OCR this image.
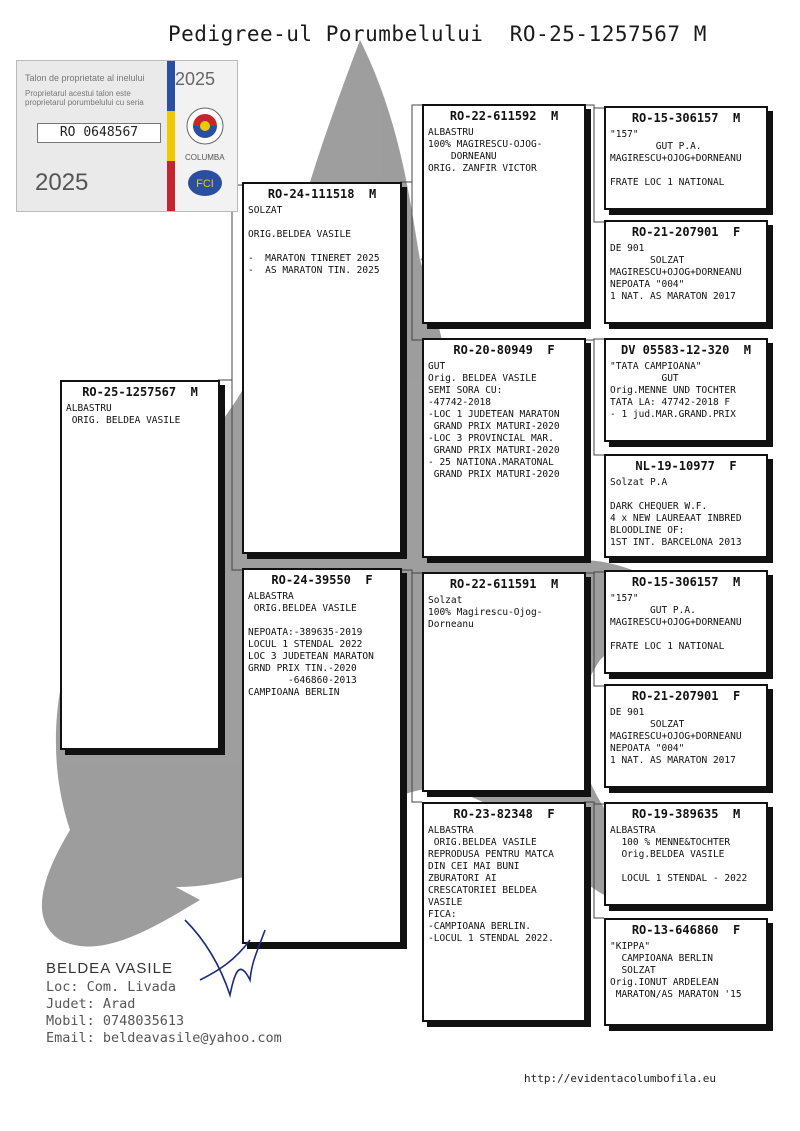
Pedigree-ul Porumbelului  RO-25-1257567 M
Talon de proprietate al inelului
Proprietarul acestui talon este proprietarul porumbelului cu seria
RO 0648567
2025
2025
COLUMBA
FCI
RO-25-1257567  M
ALBASTRU
ORIG. BELDEA VASILE
RO-24-111518  M
SOLZAT
ORIG.BELDEA VASILE
-  MARATON TINERET 2025
-  AS MARATON TIN. 2025
RO-24-39550  F
ALBASTRA
ORIG.BELDEA VASILE
NEPOATA:-389635-2019
LOCUL 1 STENDAL 2022
LOC 3 JUDETEAN MARATON
GRND PRIX TIN.-2020
-646860-2013
CAMPIOANA BERLIN
RO-22-611592  M
ALBASTRU
100% MAGIRESCU-OJOG-
DORNEANU
ORIG. ZANFIR VICTOR
RO-20-80949  F
GUT
Orig. BELDEA VASILE
SEMI SORA CU:
-47742-2018
-LOC 1 JUDETEAN MARATON
GRAND PRIX MATURI-2020
-LOC 3 PROVINCIAL MAR.
GRAND PRIX MATURI-2020
- 25 NATIONA.MARATONAL
GRAND PRIX MATURI-2020
RO-22-611591  M
Solzat
100% Magirescu-Ojog-
Dorneanu
RO-23-82348  F
ALBASTRA
ORIG.BELDEA VASILE
REPRODUSA PENTRU MATCA
DIN CEI MAI BUNI
ZBURATORI AI
CRESCATORIEI BELDEA
VASILE
FICA:
-CAMPIOANA BERLIN.
-LOCUL 1 STENDAL 2022.
RO-15-306157  M
"157"
GUT P.A.
MAGIRESCU+OJOG+DORNEANU
FRATE LOC 1 NATIONAL
RO-21-207901  F
DE 901
SOLZAT
MAGIRESCU+OJOG+DORNEANU
NEPOATA "004"
1 NAT. AS MARATON 2017
DV 05583-12-320  M
"TATA CAMPIOANA"
GUT
Orig.MENNE UND TOCHTER
TATA LA: 47742-2018 F
- 1 jud.MAR.GRAND.PRIX
NL-19-10977  F
Solzat P.A
DARK CHEQUER W.F.
4 x NEW LAUREAAT INBRED
BLOODLINE OF:
1ST INT. BARCELONA 2013
RO-15-306157  M
"157"
GUT P.A.
MAGIRESCU+OJOG+DORNEANU
FRATE LOC 1 NATIONAL
RO-21-207901  F
DE 901
SOLZAT
MAGIRESCU+OJOG+DORNEANU
NEPOATA "004"
1 NAT. AS MARATON 2017
RO-19-389635  M
ALBASTRA
100 % MENNE&TOCHTER
Orig.BELDEA VASILE
LOCUL 1 STENDAL - 2022
RO-13-646860  F
"KIPPA"
CAMPIOANA BERLIN
SOLZAT
Orig.IONUT ARDELEAN
MARATON/AS MARATON '15
BELDEA VASILE
Loc: Com. Livada
Judet: Arad
Mobil: 0748035613
Email: beldeavasile@yahoo.com
http://evidentacolumbofila.eu
